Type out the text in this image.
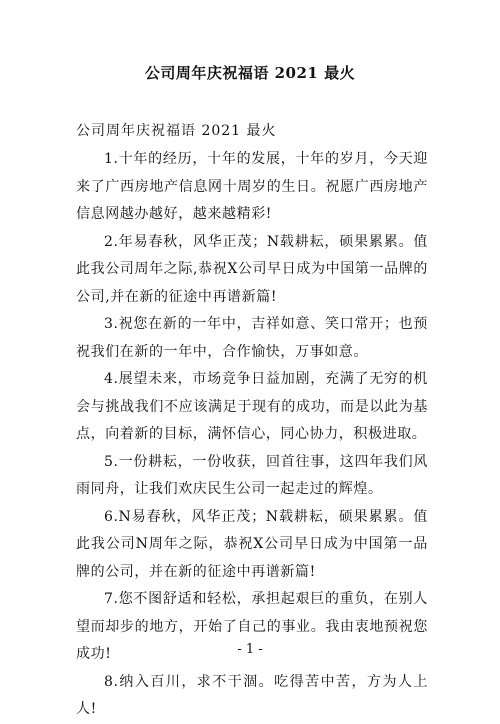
公司周年庆祝福语 2021 最火
公司周年庆祝福语 2021 最火

1.十年的经历，十年的发展，十年的岁月，今天迎来了广西房地产信息网十周岁的生日。祝愿广西房地产信息网越办越好，越来越精彩!

2.年易春秋，风华正茂；N载耕耘，硕果累累。值此我公司周年之际,恭祝X公司早日成为中国第一品牌的公司,并在新的征途中再谱新篇!

3.祝您在新的一年中，吉祥如意、笑口常开；也预祝我们在新的一年中，合作愉快，万事如意。

4.展望未来，市场竞争日益加剧，充满了无穷的机会与挑战我们不应该满足于现有的成功，而是以此为基点，向着新的目标，满怀信心，同心协力，积极进取。

5.一份耕耘，一份收获，回首往事，这四年我们风雨同舟，让我们欢庆民生公司一起走过的辉煌。

6.N易春秋，风华正茂；N载耕耘，硕果累累。值此我公司N周年之际，恭祝X公司早日成为中国第一品牌的公司，并在新的征途中再谱新篇!

7.您不图舒适和轻松，承担起艰巨的重负，在别人望而却步的地方，开始了自己的事业。我由衷地预祝您成功!

8.纳入百川，求不干涸。吃得苦中苦，方为人上人!

- 1 -
